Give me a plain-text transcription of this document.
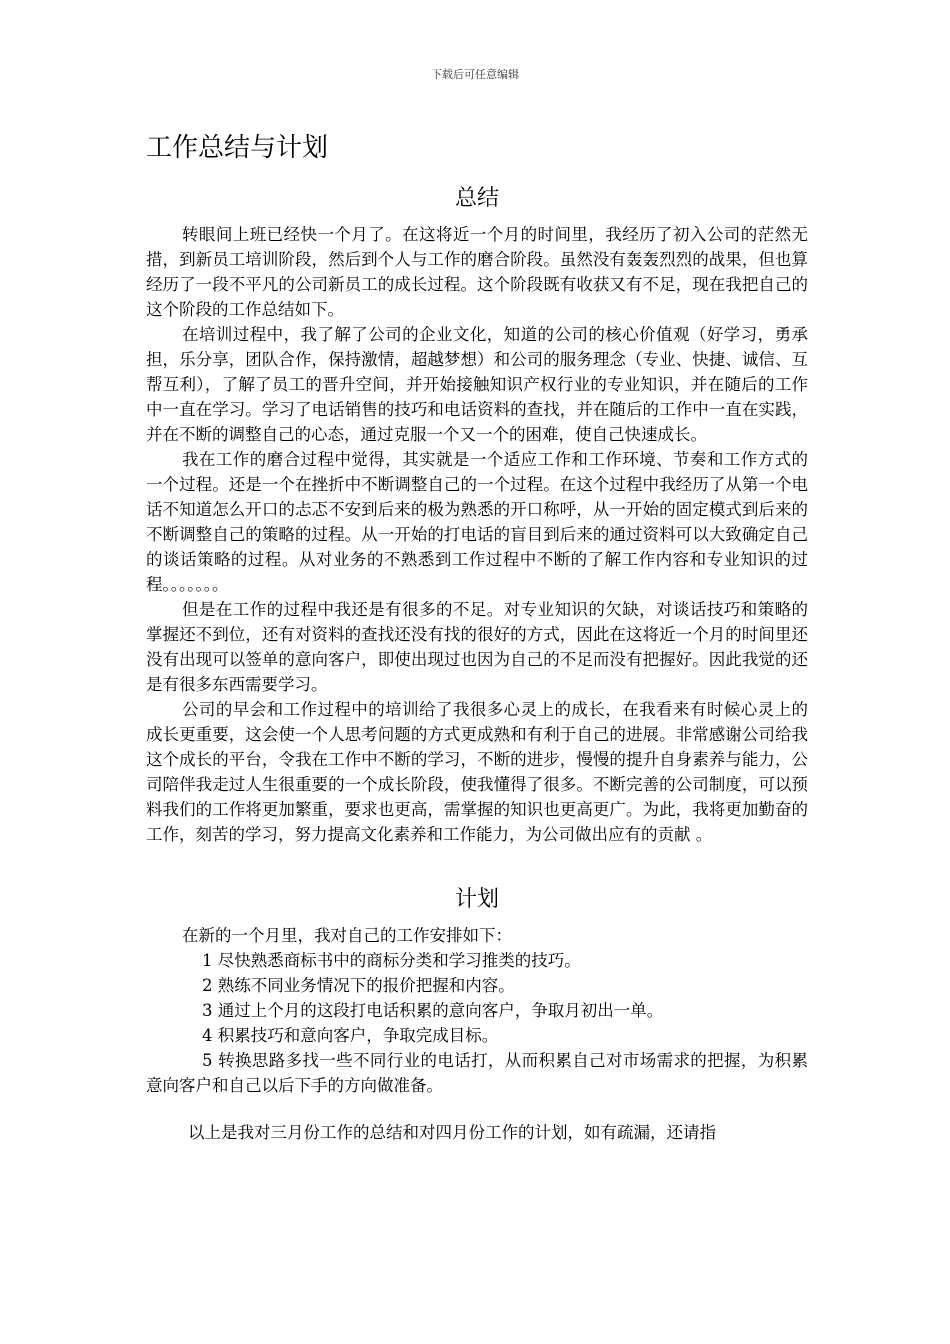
下载后可任意编辑
工作总结与计划
总结

转眼间上班已经快一个月了。在这将近一个月的时间里，我经历了初入公司的茫然无措，到新员工培训阶段，然后到个人与工作的磨合阶段。虽然没有轰轰烈烈的战果，但也算经历了一段不平凡的公司新员工的成长过程。这个阶段既有收获又有不足，现在我把自己的这个阶段的工作总结如下。

在培训过程中，我了解了公司的企业文化，知道的公司的核心价值观（好学习，勇承担，乐分享，团队合作，保持激情，超越梦想）和公司的服务理念（专业、快捷、诚信、互帮互利），了解了员工的晋升空间，并开始接触知识产权行业的专业知识，并在随后的工作中一直在学习。学习了电话销售的技巧和电话资料的查找，并在随后的工作中一直在实践，并在不断的调整自己的心态，通过克服一个又一个的困难，使自己快速成长。

我在工作的磨合过程中觉得，其实就是一个适应工作和工作环境、节奏和工作方式的一个过程。还是一个在挫折中不断调整自己的一个过程。在这个过程中我经历了从第一个电话不知道怎么开口的忐忑不安到后来的极为熟悉的开口称呼，从一开始的固定模式到后来的不断调整自己的策略的过程。从一开始的打电话的盲目到后来的通过资料可以大致确定自己的谈话策略的过程。从对业务的不熟悉到工作过程中不断的了解工作内容和专业知识的过程。。。。。。。

但是在工作的过程中我还是有很多的不足。对专业知识的欠缺，对谈话技巧和策略的掌握还不到位，还有对资料的查找还没有找的很好的方式，因此在这将近一个月的时间里还没有出现可以签单的意向客户，即使出现过也因为自己的不足而没有把握好。因此我觉的还是有很多东西需要学习。

公司的早会和工作过程中的培训给了我很多心灵上的成长，在我看来有时候心灵上的成长更重要，这会使一个人思考问题的方式更成熟和有利于自己的进展。非常感谢公司给我这个成长的平台，令我在工作中不断的学习，不断的进步，慢慢的提升自身素养与能力，公司陪伴我走过人生很重要的一个成长阶段，使我懂得了很多。不断完善的公司制度，可以预料我们的工作将更加繁重，要求也更高，需掌握的知识也更高更广。为此，我将更加勤奋的工作，刻苦的学习，努力提高文化素养和工作能力，为公司做出应有的贡献 。

计划

在新的一个月里，我对自己的工作安排如下：

1 尽快熟悉商标书中的商标分类和学习推类的技巧。

2 熟练不同业务情况下的报价把握和内容。

3 通过上个月的这段打电话积累的意向客户，争取月初出一单。

4 积累技巧和意向客户，争取完成目标。

5 转换思路多找一些不同行业的电话打，从而积累自己对市场需求的把握，为积累意向客户和自己以后下手的方向做准备。

以上是我对三月份工作的总结和对四月份工作的计划，如有疏漏，还请指
